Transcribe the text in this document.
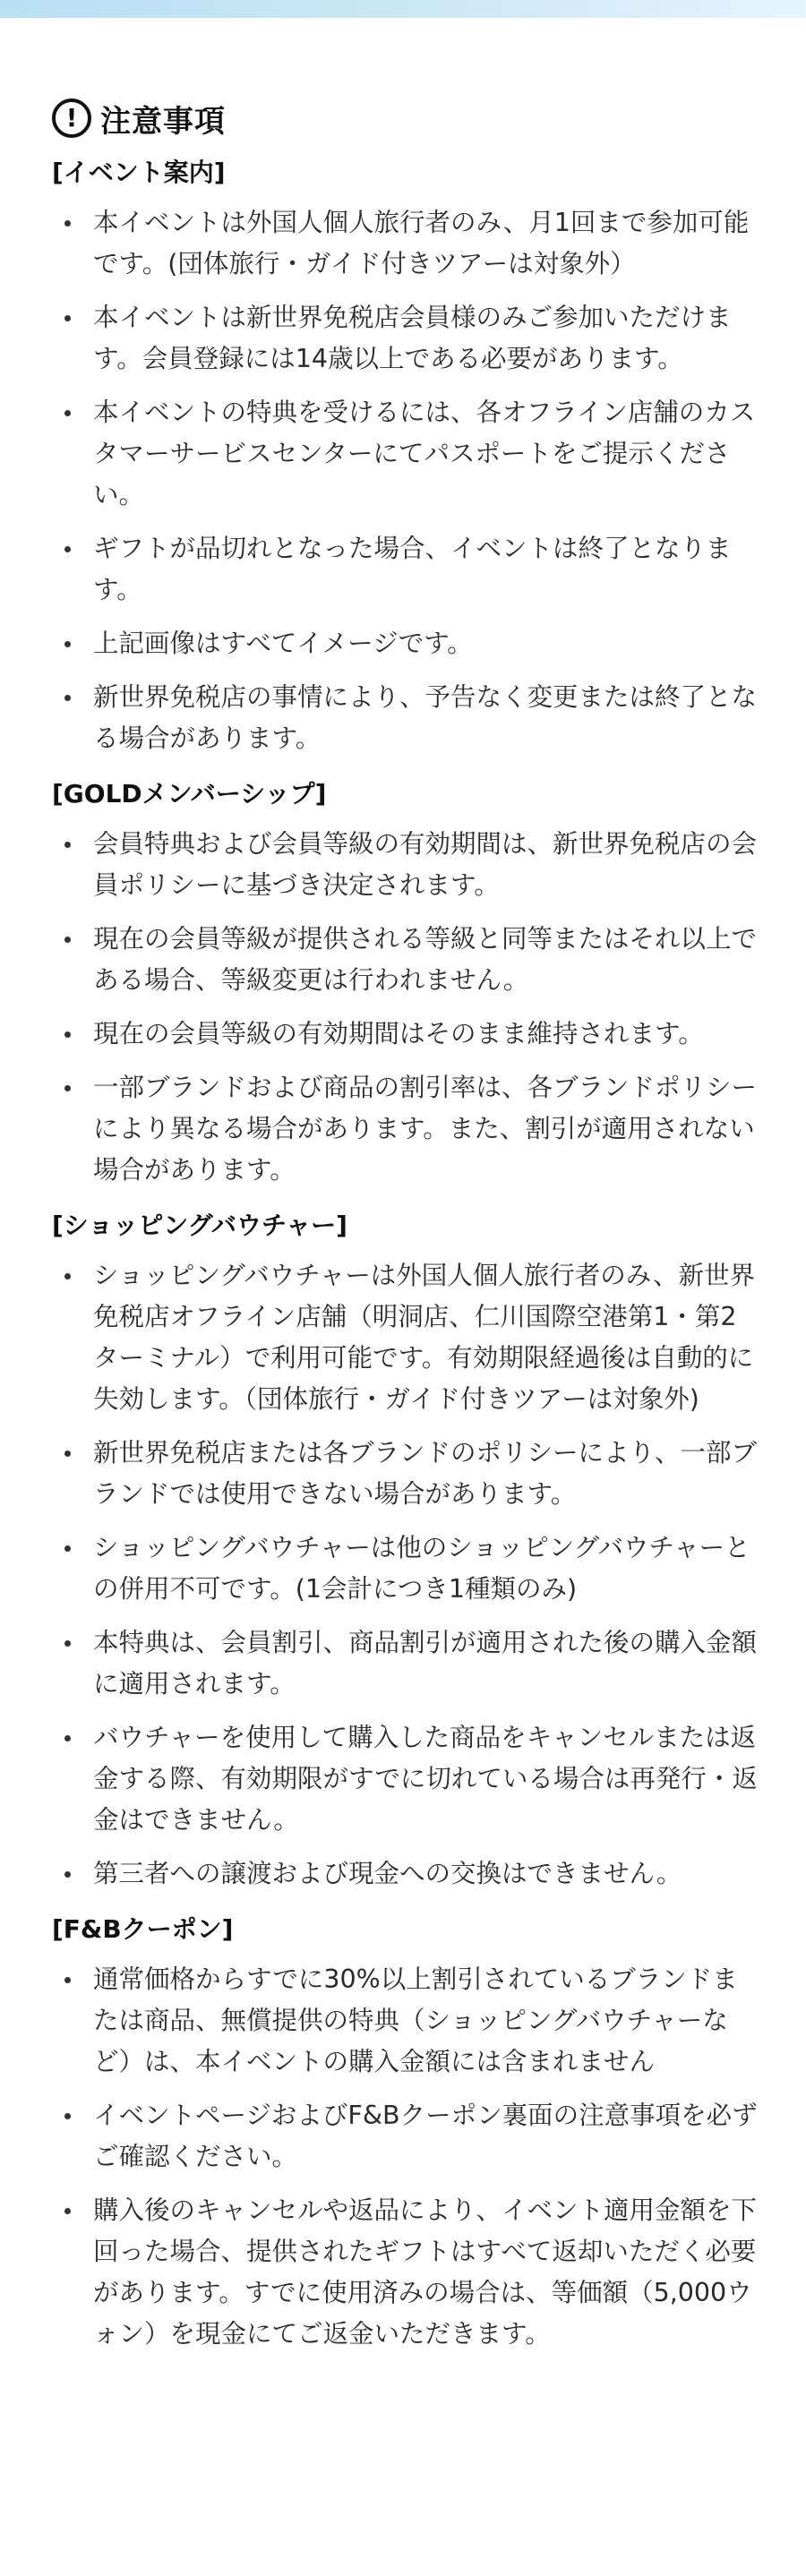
! 注意事項
[イベント案内]
本イベントは外国人個人旅行者のみ、月1回まで参加可能です。(団体旅行・ガイド付きツアーは対象外）
本イベントは新世界免税店会員様のみご参加いただけます。会員登録には14歳以上である必要があります。
本イベントの特典を受けるには、各オフライン店舗のカスタマーサービスセンターにてパスポートをご提示ください。
ギフトが品切れとなった場合、イベントは終了となります。
上記画像はすべてイメージです。
新世界免税店の事情により、予告なく変更または終了となる場合があります。
[GOLDメンバーシップ]
会員特典および会員等級の有効期間は、新世界免税店の会員ポリシーに基づき決定されます。
現在の会員等級が提供される等級と同等またはそれ以上である場合、等級変更は行われません。
現在の会員等級の有効期間はそのまま維持されます。
一部ブランドおよび商品の割引率は、各ブランドポリシーにより異なる場合があります。また、割引が適用されない場合があります。
[ショッピングバウチャー]
ショッピングバウチャーは外国人個人旅行者のみ、新世界免税店オフライン店舗（明洞店、仁川国際空港第1・第2ターミナル）で利用可能です。有効期限経過後は自動的に失効します。（団体旅行・ガイド付きツアーは対象外)
新世界免税店または各ブランドのポリシーにより、一部ブランドでは使用できない場合があります。
ショッピングバウチャーは他のショッピングバウチャーとの併用不可です。(1会計につき1種類のみ)
本特典は、会員割引、商品割引が適用された後の購入金額に適用されます。
バウチャーを使用して購入した商品をキャンセルまたは返金する際、有効期限がすでに切れている場合は再発行・返金はできません。
第三者への譲渡および現金への交換はできません。
[F&Bクーポン]
通常価格からすでに30%以上割引されているブランドまたは商品、無償提供の特典（ショッピングバウチャーなど）は、本イベントの購入金額には含まれません
イベントページおよびF&Bクーポン裏面の注意事項を必ずご確認ください。
購入後のキャンセルや返品により、イベント適用金額を下回った場合、提供されたギフトはすべて返却いただく必要があります。すでに使用済みの場合は、等価額（5,000ウォン）を現金にてご返金いただきます。
